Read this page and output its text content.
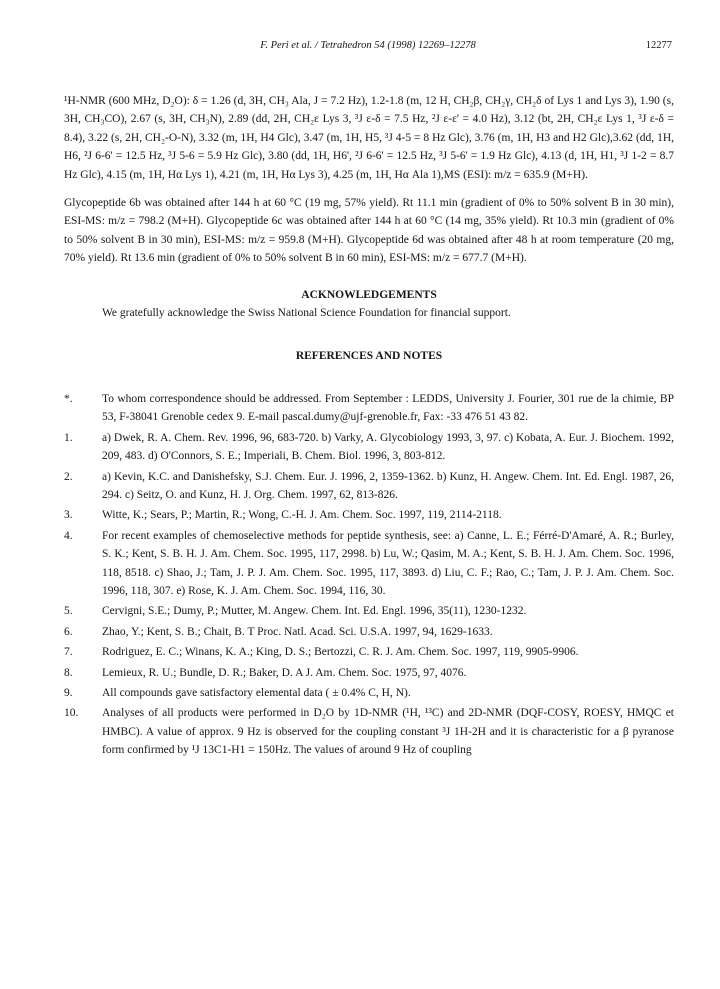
F. Peri et al. / Tetrahedron 54 (1998) 12269–12278	12277

¹H-NMR (600 MHz, D₂O): δ = 1.26 (d, 3H, CH₃ Ala, J = 7.2 Hz), 1.2-1.8 (m, 12 H, CH₂β, CH₂γ, CH₂δ of Lys 1 and Lys 3), 1.90 (s, 3H, CH₃CO), 2.67 (s, 3H, CH₃N), 2.89 (dd, 2H, CH₂ε Lys 3, ³J ε-δ = 7.5 Hz, ²J ε-ε' = 4.0 Hz), 3.12 (bt, 2H, CH₂ε Lys 1, ³J ε-δ = 8.4), 3.22 (s, 2H, CH₂-O-N), 3.32 (m, 1H, H4 Glc), 3.47 (m, 1H, H5, ³J 4-5 = 8 Hz Glc), 3.76 (m, 1H, H3 and H2 Glc),3.62 (dd, 1H, H6, ²J 6-6' = 12.5 Hz, ³J 5-6 = 5.9 Hz Glc), 3.80 (dd, 1H, H6', ²J 6-6' = 12.5 Hz, ³J 5-6' = 1.9 Hz Glc), 4.13 (d, 1H, H1, ³J 1-2 = 8.7 Hz Glc), 4.15 (m, 1H, Hα Lys 1), 4.21 (m, 1H, Hα Lys 3), 4.25 (m, 1H, Hα Ala 1),MS (ESI): m/z = 635.9 (M+H).

Glycopeptide 6b was obtained after 144 h at 60 °C (19 mg, 57% yield). Rt 11.1 min (gradient of 0% to 50% solvent B in 30 min), ESI-MS: m/z = 798.2 (M+H). Glycopeptide 6c was obtained after 144 h at 60 °C (14 mg, 35% yield). Rt 10.3 min (gradient of 0% to 50% solvent B in 30 min), ESI-MS: m/z = 959.8 (M+H). Glycopeptide 6d was obtained after 48 h at room temperature (20 mg, 70% yield). Rt 13.6 min (gradient of 0% to 50% solvent B in 60 min), ESI-MS: m/z = 677.7 (M+H).

ACKNOWLEDGEMENTS

We gratefully acknowledge the Swiss National Science Foundation for financial support.

REFERENCES AND NOTES
*.	To whom correspondence should be addressed. From September : LEDDS, University J. Fourier, 301 rue de la chimie, BP 53, F-38041 Grenoble cedex 9. E-mail pascal.dumy@ujf-grenoble.fr, Fax: -33 476 51 43 82.
1.	a) Dwek, R. A. Chem. Rev. 1996, 96, 683-720. b) Varky, A. Glycobiology 1993, 3, 97. c) Kobata, A. Eur. J. Biochem. 1992, 209, 483. d) O'Connors, S. E.; Imperiali, B. Chem. Biol. 1996, 3, 803-812.
2.	a) Kevin, K.C. and Danishefsky, S.J. Chem. Eur. J. 1996, 2, 1359-1362. b) Kunz, H. Angew. Chem. Int. Ed. Engl. 1987, 26, 294. c) Seitz, O. and Kunz, H. J. Org. Chem. 1997, 62, 813-826.
3.	Witte, K.; Sears, P.; Martin, R.; Wong, C.-H. J. Am. Chem. Soc. 1997, 119, 2114-2118.
4.	For recent examples of chemoselective methods for peptide synthesis, see: a) Canne, L. E.; Férré-D'Amaré, A. R.; Burley, S. K.; Kent, S. B. H. J. Am. Chem. Soc. 1995, 117, 2998. b) Lu, W.; Qasim, M. A.; Kent, S. B. H. J. Am. Chem. Soc. 1996, 118, 8518. c) Shao, J.; Tam, J. P. J. Am. Chem. Soc. 1995, 117, 3893. d) Liu, C. F.; Rao, C.; Tam, J. P. J. Am. Chem. Soc. 1996, 118, 307. e) Rose, K. J. Am. Chem. Soc. 1994, 116, 30.
5.	Cervigni, S.E.; Dumy, P.; Mutter, M. Angew. Chem. Int. Ed. Engl. 1996, 35(11), 1230-1232.
6.	Zhao, Y.; Kent, S. B.; Chait, B. T Proc. Natl. Acad. Sci. U.S.A. 1997, 94, 1629-1633.
7.	Rodriguez, E. C.; Winans, K. A.; King, D. S.; Bertozzi, C. R. J. Am. Chem. Soc. 1997, 119, 9905-9906.
8.	Lemieux, R. U.; Bundle, D. R.; Baker, D. A J. Am. Chem. Soc. 1975, 97, 4076.
9.	All compounds gave satisfactory elemental data ( ± 0.4% C, H, N).
10.	Analyses of all products were performed in D₂O by 1D-NMR (¹H, ¹³C) and 2D-NMR (DQF-COSY, ROESY, HMQC et HMBC). A value of approx. 9 Hz is observed for the coupling constant ³J 1H-2H and it is characteristic for a β pyranose form confirmed by ¹J 13C1-H1 = 150Hz. The values of around 9 Hz of coupling
